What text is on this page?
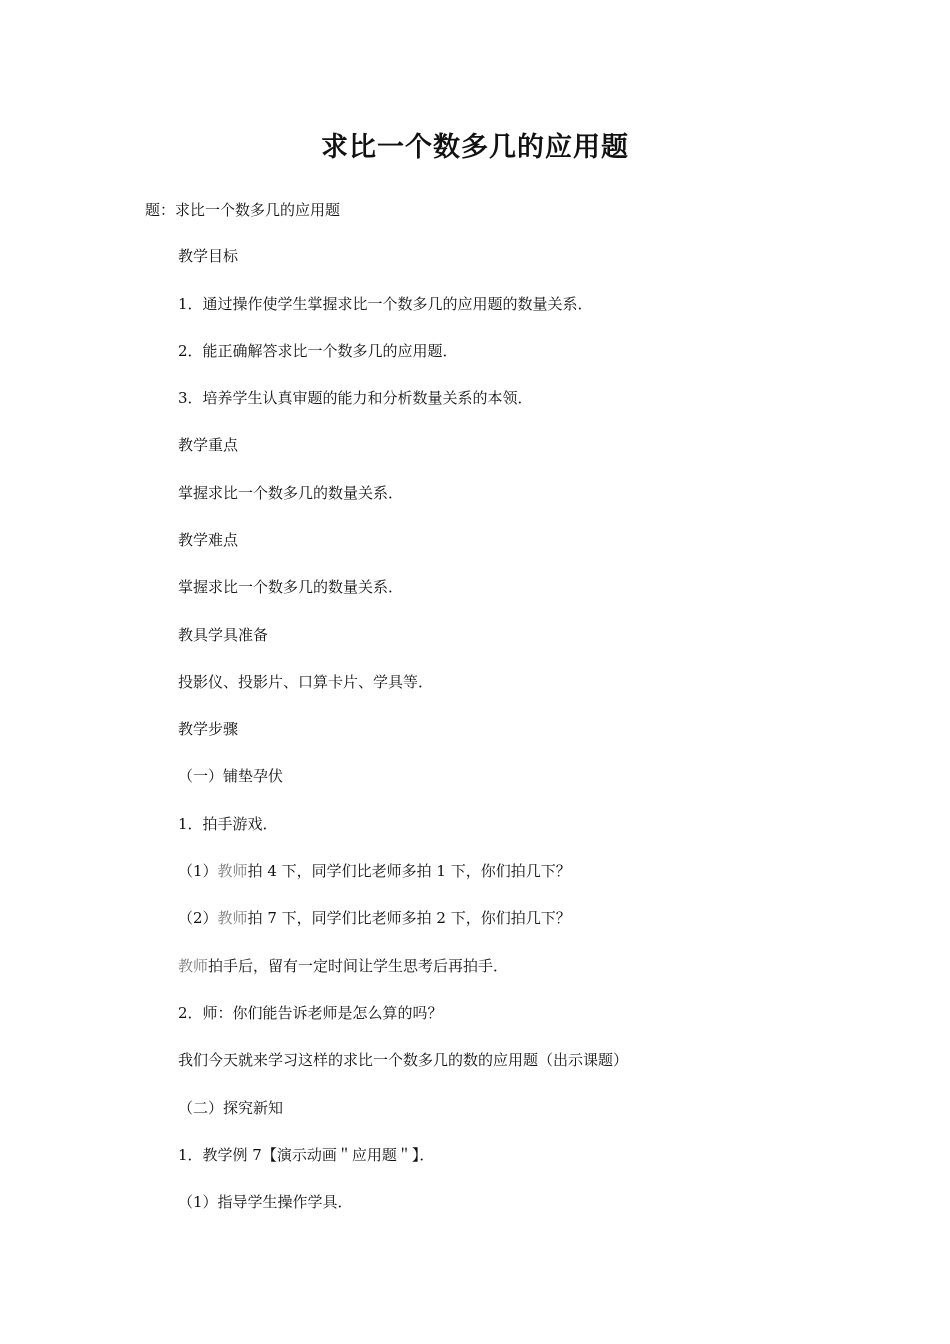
求比一个数多几的应用题
题：求比一个数多几的应用题
教学目标
1．通过操作使学生掌握求比一个数多几的应用题的数量关系．
2．能正确解答求比一个数多几的应用题．
3．培养学生认真审题的能力和分析数量关系的本领．
教学重点
掌握求比一个数多几的数量关系．
教学难点
掌握求比一个数多几的数量关系．
教具学具准备
投影仪、投影片、口算卡片、学具等．
教学步骤
（一）铺垫孕伏
1．拍手游戏．
（1）教师拍 4 下，同学们比老师多拍 1 下，你们拍几下？
（2）教师拍 7 下，同学们比老师多拍 2 下，你们拍几下？
教师拍手后，留有一定时间让学生思考后再拍手．
2．师：你们能告诉老师是怎么算的吗？
我们今天就来学习这样的求比一个数多几的数的应用题（出示课题）
（二）探究新知
1．教学例 7【演示动画＂应用题＂】．
（1）指导学生操作学具．
